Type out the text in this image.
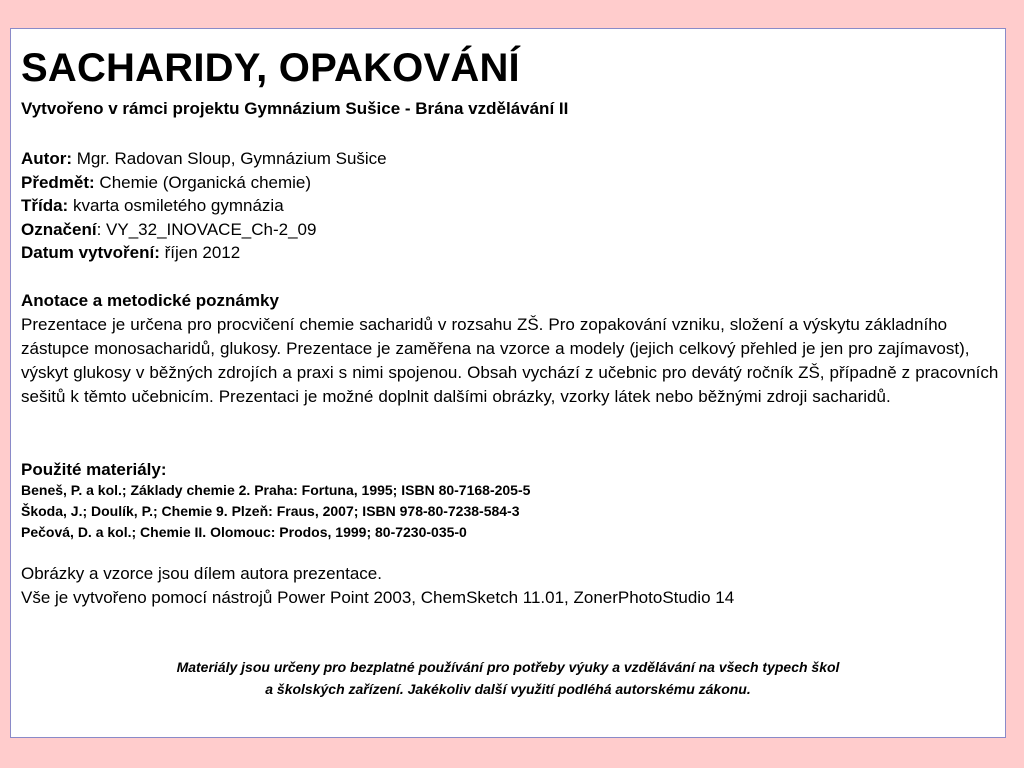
SACHARIDY, OPAKOVÁNÍ
Vytvořeno v rámci projektu Gymnázium Sušice - Brána vzdělávání II
Autor: Mgr. Radovan Sloup, Gymnázium Sušice
Předmět: Chemie (Organická chemie)
Třída: kvarta osmiletého gymnázia
Označení: VY_32_INOVACE_Ch-2_09
Datum vytvoření: říjen 2012
Anotace a metodické poznámky
Prezentace je určena pro procvičení chemie sacharidů v rozsahu ZŠ. Pro zopakování vzniku, složení a výskytu základního zástupce monosacharidů, glukosy. Prezentace je zaměřena na vzorce a modely (jejich celkový přehled je jen pro zajímavost), výskyt glukosy v běžných zdrojích a praxi s nimi spojenou. Obsah vychází z učebnic pro devátý ročník ZŠ, případně z pracovních sešitů k těmto učebnicím. Prezentaci je možné doplnit dalšími obrázky, vzorky látek nebo běžnými zdroji sacharidů.
Použité materiály:
Beneš, P. a kol.; Základy chemie 2. Praha: Fortuna, 1995; ISBN 80-7168-205-5
Škoda, J.; Doulík, P.; Chemie 9. Plzeň: Fraus, 2007; ISBN 978-80-7238-584-3
Pečová, D. a kol.; Chemie II. Olomouc: Prodos, 1999; 80-7230-035-0
Obrázky a vzorce jsou dílem autora prezentace.
Vše je vytvořeno pomocí nástrojů Power Point 2003, ChemSketch 11.01, ZonerPhotoStudio 14
Materiály jsou určeny pro bezplatné používání pro potřeby výuky a vzdělávání na všech typech škol
a školských zařízení. Jakékoliv další využití podléhá autorskému zákonu.
